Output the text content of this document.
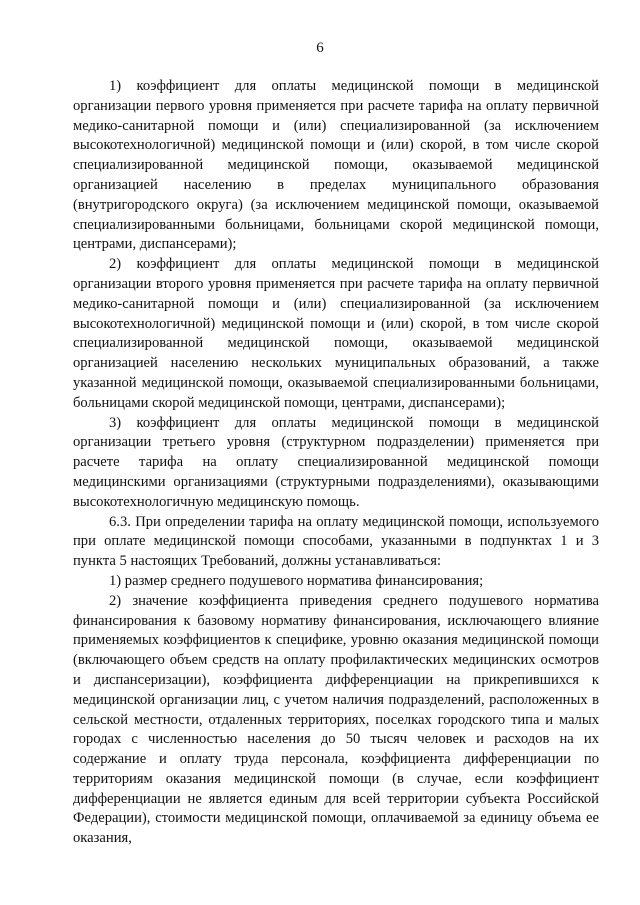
6

1) коэффициент для оплаты медицинской помощи в медицинской организации первого уровня применяется при расчете тарифа на оплату первичной медико-санитарной помощи и (или) специализированной (за исключением высокотехнологичной) медицинской помощи и (или) скорой, в том числе скорой специализированной медицинской помощи, оказываемой медицинской организацией населению в пределах муниципального образования (внутригородского округа) (за исключением медицинской помощи, оказываемой специализированными больницами, больницами скорой медицинской помощи, центрами, диспансерами);

2) коэффициент для оплаты медицинской помощи в медицинской организации второго уровня применяется при расчете тарифа на оплату первичной медико-санитарной помощи и (или) специализированной (за исключением высокотехнологичной) медицинской помощи и (или) скорой, в том числе скорой специализированной медицинской помощи, оказываемой медицинской организацией населению нескольких муниципальных образований, а также указанной медицинской помощи, оказываемой специализированными больницами, больницами скорой медицинской помощи, центрами, диспансерами);

3) коэффициент для оплаты медицинской помощи в медицинской организации третьего уровня (структурном подразделении) применяется при расчете тарифа на оплату специализированной медицинской помощи медицинскими организациями (структурными подразделениями), оказывающими высокотехнологичную медицинскую помощь.

6.3. При определении тарифа на оплату медицинской помощи, используемого при оплате медицинской помощи способами, указанными в подпунктах 1 и 3 пункта 5 настоящих Требований, должны устанавливаться:

1) размер среднего подушевого норматива финансирования;

2) значение коэффициента приведения среднего подушевого норматива финансирования к базовому нормативу финансирования, исключающего влияние применяемых коэффициентов к специфике, уровню оказания медицинской помощи (включающего объем средств на оплату профилактических медицинских осмотров и диспансеризации), коэффициента дифференциации на прикрепившихся к медицинской организации лиц, с учетом наличия подразделений, расположенных в сельской местности, отдаленных территориях, поселках городского типа и малых городах с численностью населения до 50 тысяч человек и расходов на их содержание и оплату труда персонала, коэффициента дифференциации по территориям оказания медицинской помощи (в случае, если коэффициент дифференциации не является единым для всей территории субъекта Российской Федерации), стоимости медицинской помощи, оплачиваемой за единицу объема ее оказания,
